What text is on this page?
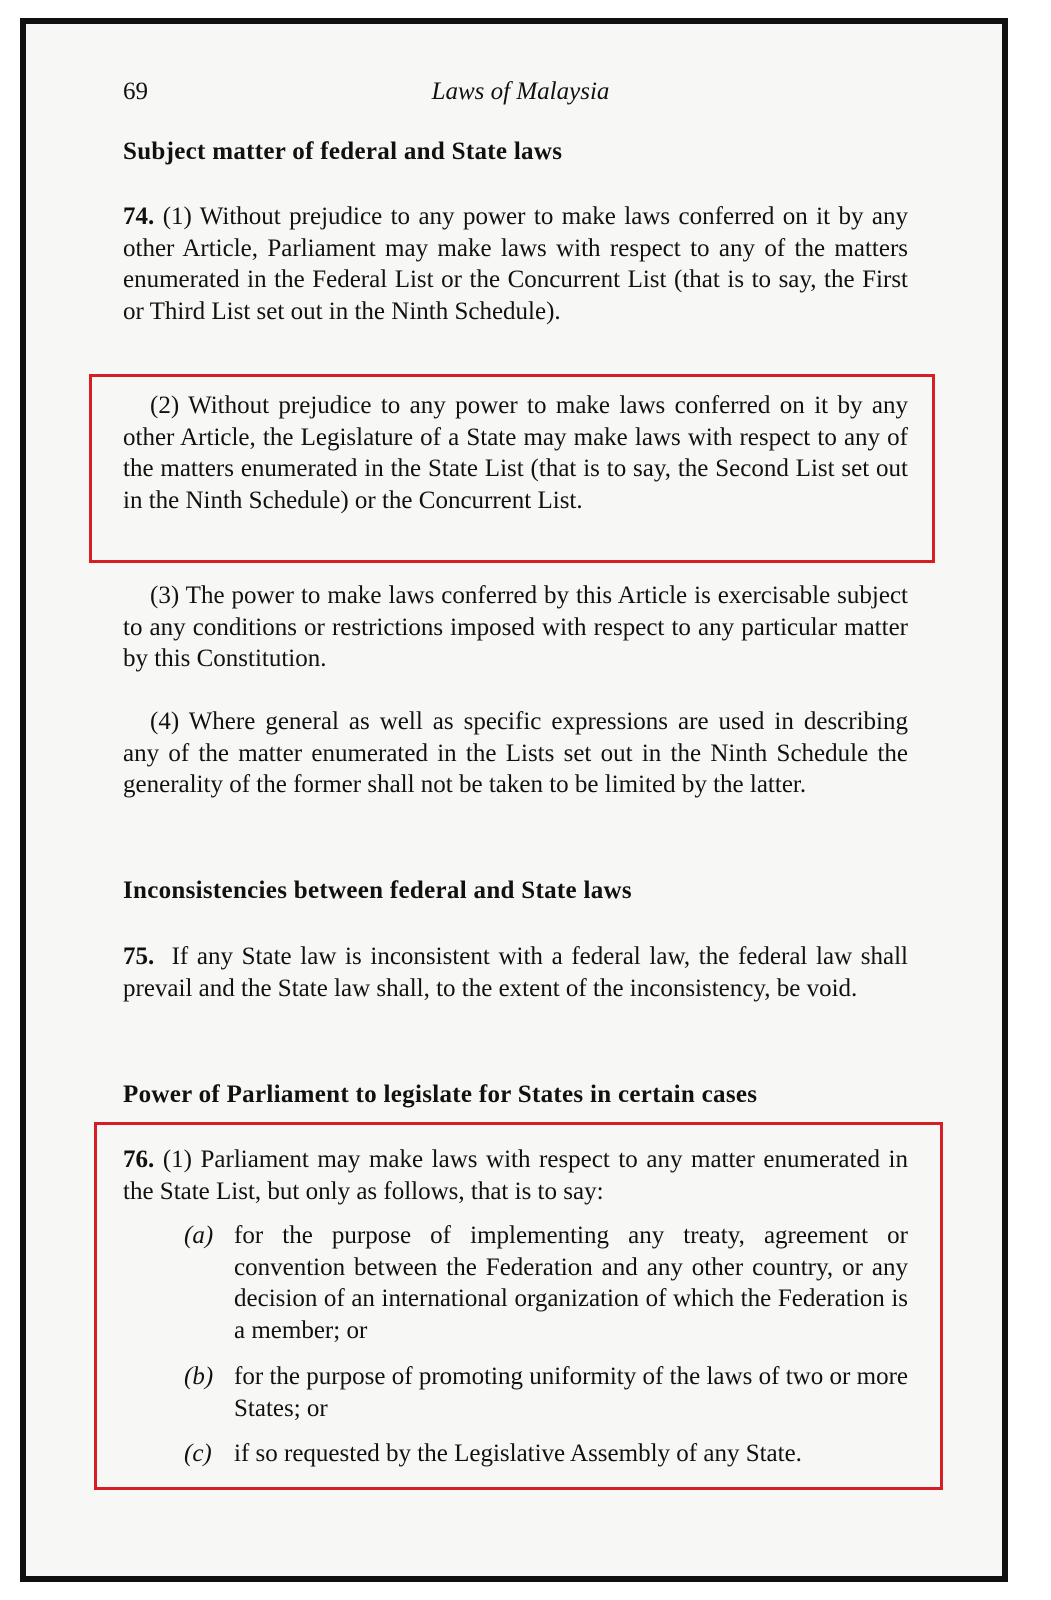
69	Laws of Malaysia
Subject matter of federal and State laws
74. (1) Without prejudice to any power to make laws conferred on it by any other Article, Parliament may make laws with respect to any of the matters enumerated in the Federal List or the Concurrent List (that is to say, the First or Third List set out in the Ninth Schedule).
(2) Without prejudice to any power to make laws conferred on it by any other Article, the Legislature of a State may make laws with respect to any of the matters enumerated in the State List (that is to say, the Second List set out in the Ninth Schedule) or the Concurrent List.
(3) The power to make laws conferred by this Article is exercisable subject to any conditions or restrictions imposed with respect to any particular matter by this Constitution.
(4) Where general as well as specific expressions are used in describing any of the matter enumerated in the Lists set out in the Ninth Schedule the generality of the former shall not be taken to be limited by the latter.
Inconsistencies between federal and State laws
75. If any State law is inconsistent with a federal law, the federal law shall prevail and the State law shall, to the extent of the inconsistency, be void.
Power of Parliament to legislate for States in certain cases
76. (1) Parliament may make laws with respect to any matter enumerated in the State List, but only as follows, that is to say:
(a) for the purpose of implementing any treaty, agreement or convention between the Federation and any other country, or any decision of an international organization of which the Federation is a member; or
(b) for the purpose of promoting uniformity of the laws of two or more States; or
(c) if so requested by the Legislative Assembly of any State.
